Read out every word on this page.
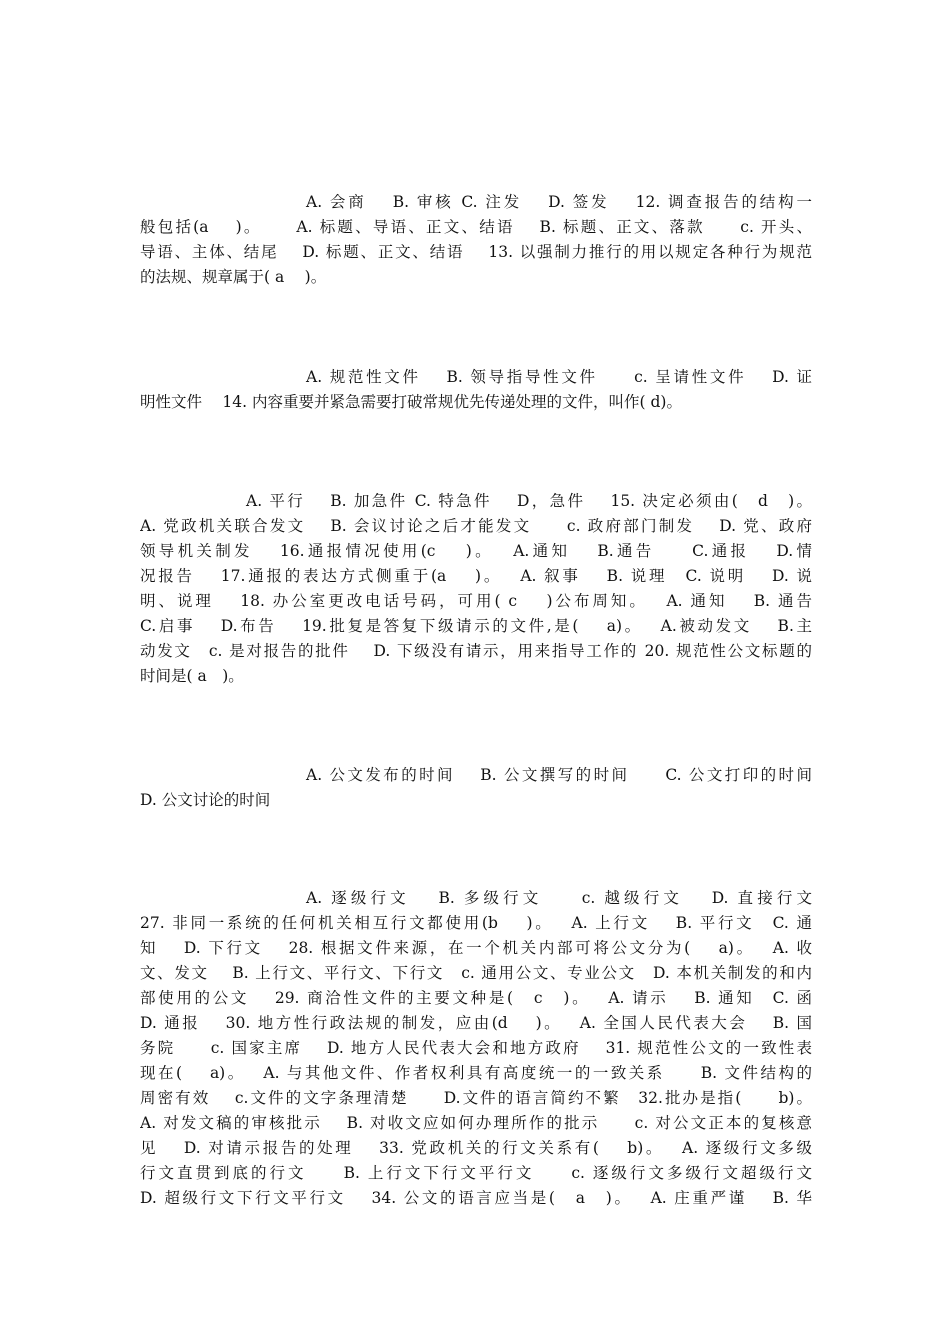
A. 会商　 B. 审核 C. 注发　 D. 签发　 12. 调查报告的结构一
般包括(a　 )。　　 A. 标题、导语、正文、结语　 B. 标题、正文、落款　　c. 开头、
导语、主体、结尾　 D. 标题、正文、结语　 13. 以强制力推行的用以规定各种行为规范
的法规、规章属于( a　 )。
A. 规范性文件　 B. 领导指导性文件　　c. 呈请性文件　 D. 证
明性文件　 14. 内容重要并紧急需要打破常规优先传递处理的文件，叫作( d)。
A. 平行　 B. 加急件 C. 特急件　 D，急件　 15. 决定必须由(　d　)。
A. 党政机关联合发文　 B. 会议讨论之后才能发文　　c. 政府部门制发　 D. 党、政府
领导机关制发　 16.通报情况使用(c　 )。　 A.通知　 B.通告　　C.通报　 D.情
况报告　 17.通报的表达方式侧重于(a　 )。　 A. 叙事　 B. 说理　C. 说明　 D. 说
明、说理　 18. 办公室更改电话号码，可用( c　 )公布周知。　 A. 通知　 B. 通告
C.启事　 D.布告　 19.批复是答复下级请示的文件,是(　 a)。　 A.被动发文　 B.主
动发文　c. 是对报告的批件　 D. 下级没有请示，用来指导工作的 20. 规范性公文标题的
时间是( a　)。
A. 公文发布的时间　 B. 公文撰写的时间　　C. 公文打印的时间
D. 公文讨论的时间
A. 逐级行文　 B. 多级行文　　c. 越级行文　 D. 直接行文
27. 非同一系统的任何机关相互行文都使用(b　 )。　 A. 上行文　 B. 平行文　C. 通
知　 D. 下行文　 28. 根据文件来源，在一个机关内部可将公文分为(　 a)。　 A. 收
文、发文　 B. 上行文、平行文、下行文　c. 通用公文、专业公文　D. 本机关制发的和内
部使用的公文　 29. 商洽性文件的主要文种是(　c　)。　 A. 请示　 B. 通知　C. 函
D. 通报　 30. 地方性行政法规的制发，应由(d　 )。　 A. 全国人民代表大会　 B. 国
务院　　c. 国家主席　 D. 地方人民代表大会和地方政府　 31. 规范性公文的一致性表
现在(　 a)。　 A. 与其他文件、作者权利具有高度统一的一致关系　　B. 文件结构的
周密有效　 c.文件的文字条理清楚　　D.文件的语言简约不繁　32.批办是指(　　b)。
A. 对发文稿的审核批示　 B. 对收文应如何办理所作的批示　　c. 对公文正本的复核意
见　 D. 对请示报告的处理　 33. 党政机关的行文关系有(　 b)。　 A. 逐级行文多级
行文直贯到底的行文　　B. 上行文下行文平行文　　c. 逐级行文多级行文超级行文
D. 超级行文下行文平行文　 34. 公文的语言应当是(　a　)。　 A. 庄重严谨　 B. 华
